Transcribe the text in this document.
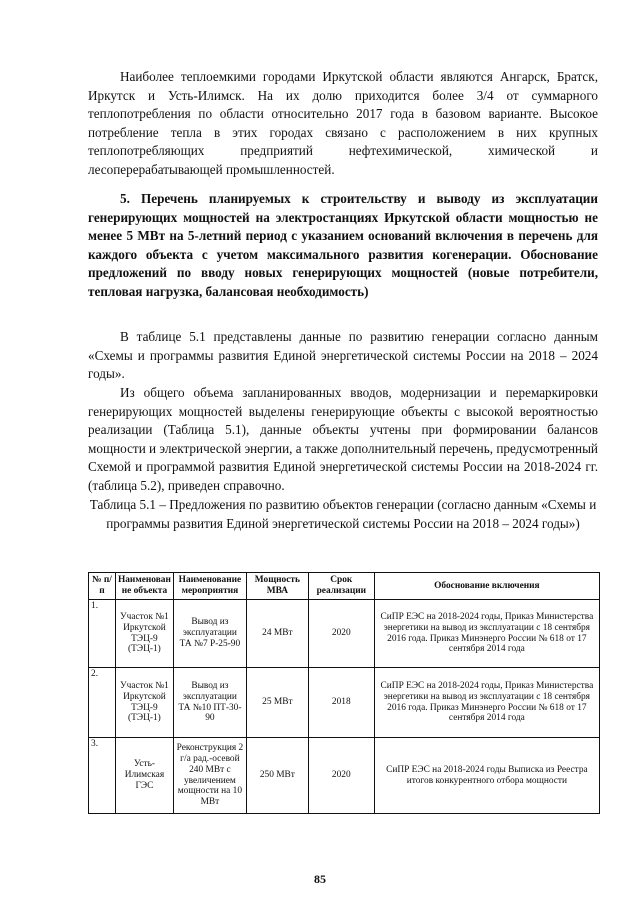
Наиболее теплоемкими городами Иркутской области являются Ангарск, Братск, Иркутск и Усть-Илимск. На их долю приходится более 3/4 от суммарного теплопотребления по области относительно 2017 года в базовом варианте. Высокое потребление тепла в этих городах связано с расположением в них крупных теплопотребляющих предприятий нефтехимической, химической и лесоперерабатывающей промышленностей.

5. Перечень планируемых к строительству и выводу из эксплуатации генерирующих мощностей на электростанциях Иркутской области мощностью не менее 5 МВт на 5-летний период с указанием оснований включения в перечень для каждого объекта с учетом максимального развития когенерации. Обоснование предложений по вводу новых генерирующих мощностей (новые потребители, тепловая нагрузка, балансовая необходимость)

В таблице 5.1 представлены данные по развитию генерации согласно данным «Схемы и программы развития Единой энергетической системы России на 2018 – 2024 годы».

Из общего объема запланированных вводов, модернизации и перемаркировки генерирующих мощностей выделены генерирующие объекты с высокой вероятностью реализации (Таблица 5.1), данные объекты учтены при формировании балансов мощности и электрической энергии, а также дополнительный перечень, предусмотренный Схемой и программой развития Единой энергетической системы России на 2018-2024 гг. (таблица 5.2), приведен справочно.

Таблица 5.1 – Предложения по развитию объектов генерации (согласно данным «Схемы и программы развития Единой энергетической системы России на 2018 – 2024 годы»)

№ п/п	Наименован не объекта	Наименование мероприятия	Мощность МВА	Срок реализации	Обоснование включения
1.	Участок №1 Иркутской ТЭЦ-9 (ТЭЦ-1)	Вывод из эксплуатации ТА №7 Р-25-90	24 МВт	2020	СиПР ЕЭС на 2018-2024 годы, Приказ Министерства энергетики на вывод из эксплуатации с 18 сентября 2016 года. Приказ Минэнерго России № 618 от 17 сентября 2014 года
2.	Участок №1 Иркутской ТЭЦ-9 (ТЭЦ-1)	Вывод из эксплуатации ТА №10 ПТ-30-90	25 МВт	2018	СиПР ЕЭС на 2018-2024 годы, Приказ Министерства энергетики на вывод из эксплуатации с 18 сентября 2016 года. Приказ Минэнерго России № 618 от 17 сентября 2014 года
3.	Усть-Илимская ГЭС	Реконструкция 2 г/а рад.-осевой 240 МВт с увеличением мощности на 10 МВт	250 МВт	2020	СиПР ЕЭС на 2018-2024 годы Выписка из Реестра итогов конкурентного отбора мощности
85
